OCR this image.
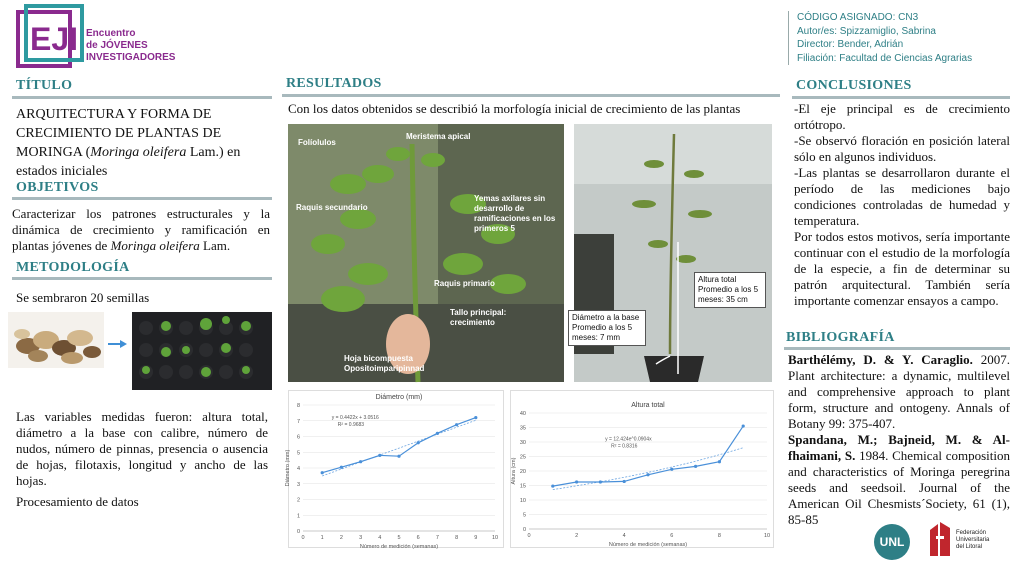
EJI Encuentro
de JÓVENES
INVESTIGADORES
CÓDIGO ASIGNADO: CN3
Autor/es: Spizzamiglio, Sabrina
Director: Bender, Adrián
Filiación: Facultad de Ciencias Agrarias
TÍTULO
ARQUITECTURA Y FORMA DE
CRECIMIENTO DE PLANTAS DE
MORINGA (Moringa oleifera Lam.) en
estados iniciales
OBJETIVOS
Caracterizar los patrones estructurales y la dinámica de crecimiento y ramificación en plantas jóvenes de Moringa oleifera Lam.
METODOLOGÍA
Se sembraron 20 semillas
Las variables medidas fueron: altura total, diámetro a la base con calibre, número de nudos, número de pinnas, presencia o ausencia de hojas, filotaxis, longitud y ancho de las hojas.
Procesamiento de datos
RESULTADOS
Con los datos obtenidos se describió la morfología inicial de crecimiento de las plantas
Folíolulos
Meristema apical
Raquis secundario
Yemas axilares sin desarrollo de ramificaciones en los primeros 5
Raquis primario
Tallo principal: crecimiento
Hoja bicompuesta Opositoimparipinnad
Altura total Promedio a los 5 meses: 35 cm
Diámetro a la base Promedio a los 5 meses: 7 mm
Diámetro (mm)
0
1
2
3
4
5
6
7
8
0	1	2	3	4	5	6	7	8	9	10
Número de medición (semanas)
Diámetro (mm)
y = 0.4422x + 3.0516
R² = 0.9683
Altura total
0
5
10
15
20
25
30
35
40
0	2	4	6	8	10
Número de medición (semanas)
Altura (cm)
y = 12.424e^0.0904x
R² = 0.8316
CONCLUSIONES
-El eje principal es de crecimiento ortótropo.
-Se observó floración en posición lateral sólo en algunos individuos.
-Las plantas se desarrollaron durante el período de las mediciones bajo condiciones controladas de humedad y temperatura.
Por todos estos motivos, sería importante continuar con el estudio de la morfología de la especie, a fin de determinar su patrón arquitectural. También sería importante comenzar ensayos a campo.
BIBLIOGRAFÍA
Barthélémy, D. & Y. Caraglio. 2007. Plant architecture: a dynamic, multilevel and comprehensive approach to plant form, structure and ontogeny. Annals of Botany 99: 375-407.
Spandana, M.; Bajneid, M. & Al-fhaimani, S. 1984. Chemical composition and characteristics of Moringa peregrina seeds and seedsoil. Journal of the American Oil Chesmists´Society, 61 (1), 85-85
UNL
Federación
Universitaria
del Litoral
